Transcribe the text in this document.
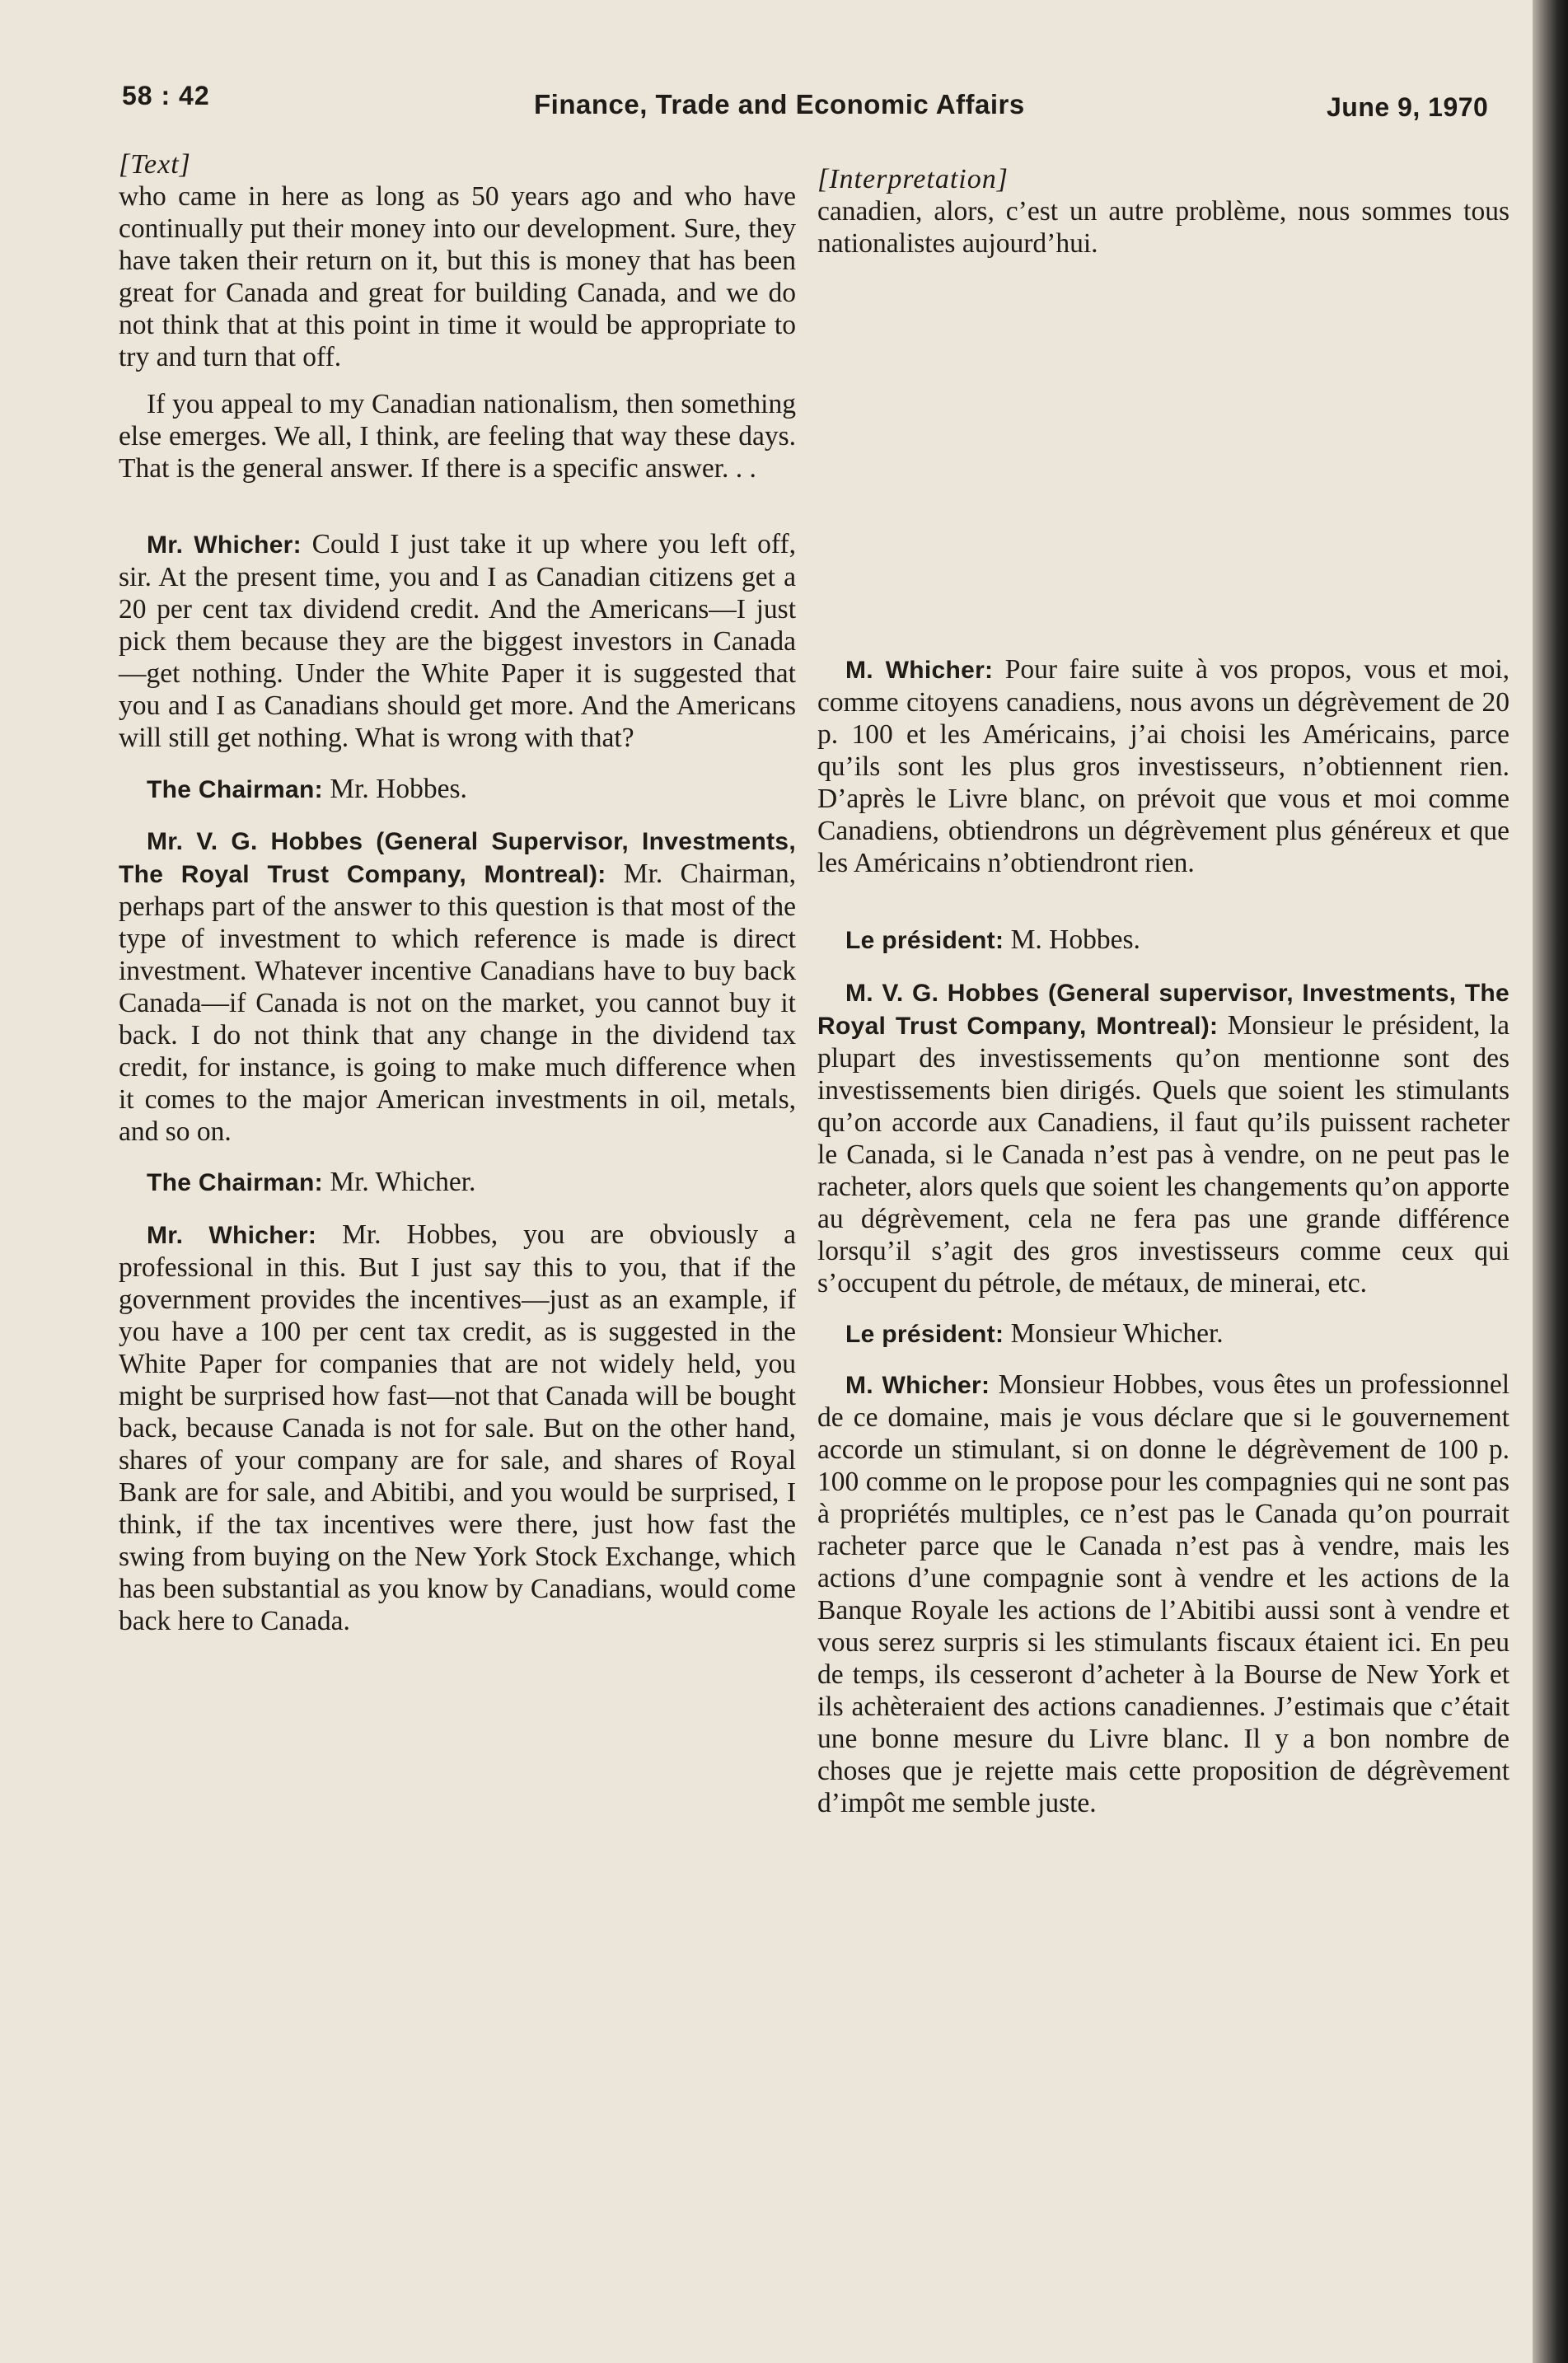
58 : 42	Finance, Trade and Economic Affairs	June 9, 1970
[Text]

who came in here as long as 50 years ago and who have continually put their money into our development. Sure, they have taken their return on it, but this is money that has been great for Canada and great for building Canada, and we do not think that at this point in time it would be appropriate to try and turn that off.

If you appeal to my Canadian nationalism, then something else emerges. We all, I think, are feeling that way these days. That is the general answer. If there is a specific answer. . .

Mr. Whicher: Could I just take it up where you left off, sir. At the present time, you and I as Canadian citizens get a 20 per cent tax dividend credit. And the Americans—I just pick them because they are the biggest investors in Canada—get nothing. Under the White Paper it is suggested that you and I as Canadians should get more. And the Americans will still get nothing. What is wrong with that?

The Chairman: Mr. Hobbes.

Mr. V. G. Hobbes (General Supervisor, Investments, The Royal Trust Company, Montreal): Mr. Chairman, perhaps part of the answer to this question is that most of the type of investment to which reference is made is direct investment. Whatever incentive Canadians have to buy back Canada—if Canada is not on the market, you cannot buy it back. I do not think that any change in the dividend tax credit, for instance, is going to make much difference when it comes to the major American investments in oil, metals, and so on.

The Chairman: Mr. Whicher.

Mr. Whicher: Mr. Hobbes, you are obviously a professional in this. But I just say this to you, that if the government provides the incentives—just as an example, if you have a 100 per cent tax credit, as is suggested in the White Paper for companies that are not widely held, you might be surprised how fast—not that Canada will be bought back, because Canada is not for sale. But on the other hand, shares of your company are for sale, and shares of Royal Bank are for sale, and Abitibi, and you would be surprised, I think, if the tax incentives were there, just how fast the swing from buying on the New York Stock Exchange, which has been substantial as you know by Canadians, would come back here to Canada.

[Interpretation]

canadien, alors, c’est un autre problème, nous sommes tous nationalistes aujourd’hui.

M. Whicher: Pour faire suite à vos propos, vous et moi, comme citoyens canadiens, nous avons un dégrèvement de 20 p. 100 et les Américains, j’ai choisi les Américains, parce qu’ils sont les plus gros investisseurs, n’obtiennent rien. D’après le Livre blanc, on prévoit que vous et moi comme Canadiens, obtiendrons un dégrèvement plus généreux et que les Américains n’obtiendront rien.

Le président: M. Hobbes.

M. V. G. Hobbes (General supervisor, Investments, The Royal Trust Company, Montreal): Monsieur le président, la plupart des investissements qu’on mentionne sont des investissements bien dirigés. Quels que soient les stimulants qu’on accorde aux Canadiens, il faut qu’ils puissent racheter le Canada, si le Canada n’est pas à vendre, on ne peut pas le racheter, alors quels que soient les changements qu’on apporte au dégrèvement, cela ne fera pas une grande différence lorsqu’il s’agit des gros investisseurs comme ceux qui s’occupent du pétrole, de métaux, de minerai, etc.

Le président: Monsieur Whicher.

M. Whicher: Monsieur Hobbes, vous êtes un professionnel de ce domaine, mais je vous déclare que si le gouvernement accorde un stimulant, si on donne le dégrèvement de 100 p. 100 comme on le propose pour les compagnies qui ne sont pas à propriétés multiples, ce n’est pas le Canada qu’on pourrait racheter parce que le Canada n’est pas à vendre, mais les actions d’une compagnie sont à vendre et les actions de la Banque Royale les actions de l’Abitibi aussi sont à vendre et vous serez surpris si les stimulants fiscaux étaient ici. En peu de temps, ils cesseront d’acheter à la Bourse de New York et ils achèteraient des actions canadiennes. J’estimais que c’était une bonne mesure du Livre blanc. Il y a bon nombre de choses que je rejette mais cette proposition de dégrèvement d’impôt me semble juste.
